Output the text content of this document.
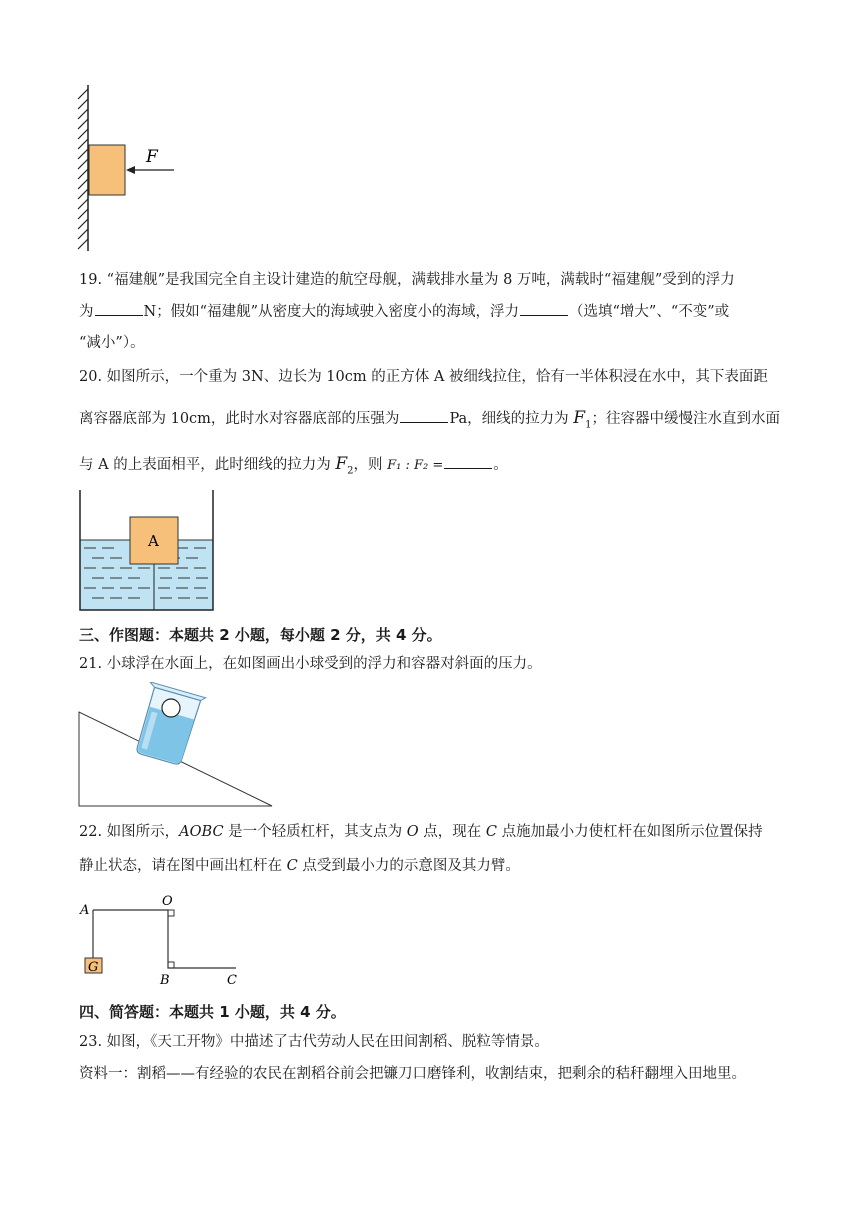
F
19. “福建舰”是我国完全自主设计建造的航空母舰，满载排水量为 8 万吨，满载时“福建舰”受到的浮力
为	N；假如“福建舰”从密度大的海域驶入密度小的海域，浮力	（选填“增大”、“不变”或
“减小”）。
20. 如图所示，一个重为 3N、边长为 10cm 的正方体 A 被细线拉住，恰有一半体积浸在水中，其下表面距
离容器底部为 10cm，此时水对容器底部的压强为	Pa，细线的拉力为 $F_1$；往容器中缓慢注水直到水面
与 A 的上表面相平，此时细线的拉力为 $F_2$，则 F₁ : F₂ =	。
A
三、作图题：本题共 2 小题，每小题 2 分，共 4 分。
21. 小球浮在水面上，在如图画出小球受到的浮力和容器对斜面的压力。
22. 如图所示，AOBC 是一个轻质杠杆，其支点为 O 点，现在 C 点施加最小力使杠杆在如图所示位置保持
静止状态，请在图中画出杠杆在 C 点受到最小力的示意图及其力臂。
G
A
O
B	C
四、简答题：本题共 1 小题，共 4 分。
23. 如图，《天工开物》中描述了古代劳动人民在田间割稻、脱粒等情景。
资料一：割稻——有经验的农民在割稻谷前会把镰刀口磨锋利，收割结束，把剩余的秸秆翻埋入田地里。
